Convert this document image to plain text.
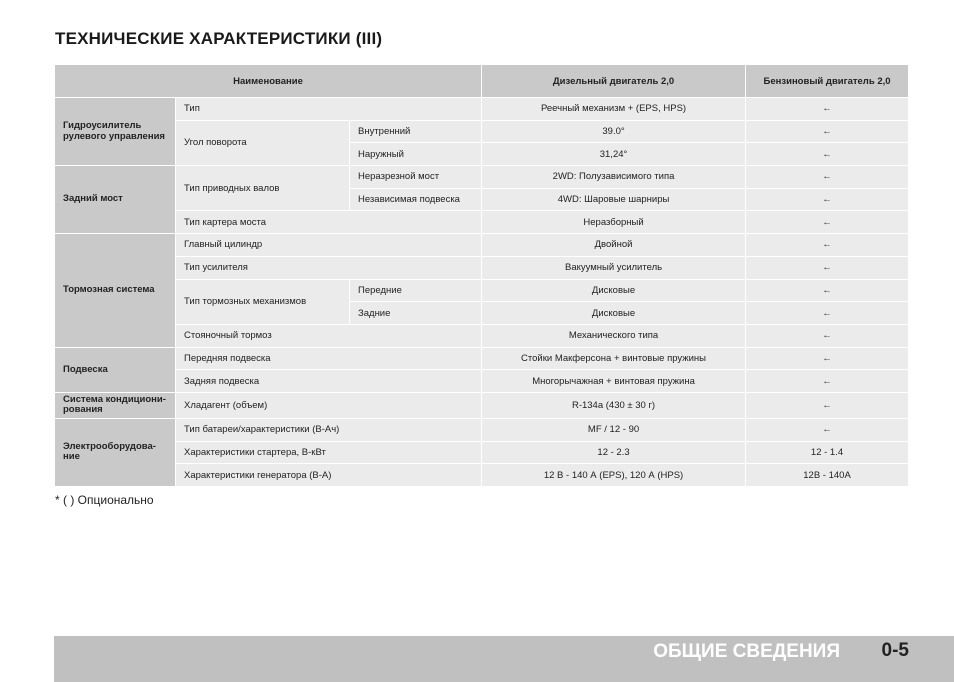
ТЕХНИЧЕСКИЕ ХАРАКТЕРИСТИКИ (III)
Наименование			Дизельный двигатель 2,0	Бензиновый двигатель 2,0
Гидроусилитель рулевого управления	Тип		Реечный механизм + (EPS, HPS)	←
	Угол поворота	Внутренний	39.0°	←
		Наружный	31,24°	←
Задний мост	Тип приводных валов	Неразрезной мост	2WD: Полузависимого типа	←
		Независимая подвеска	4WD: Шаровые шарниры	←
	Тип картера моста		Неразборный	←
Тормозная система	Главный цилиндр		Двойной	←
	Тип усилителя		Вакуумный усилитель	←
	Тип тормозных механизмов	Передние	Дисковые	←
		Задние	Дисковые	←
	Стояночный тормоз		Механического типа	←
Подвеска	Передняя подвеска		Стойки Макферсона + винтовые пружины	←
	Задняя подвеска		Многорычажная + винтовая пружина	←
Система кондициони-рования	Хладагент (объем)		R-134a (430 ± 30 г)	←
Электрооборудова-ние	Тип батареи/характеристики (В-Ач)		MF / 12 - 90	←
	Характеристики стартера, В-кВт		12 - 2.3	12 - 1.4
	Характеристики генератора (В-А)		12 В - 140 А (EPS), 120 А (HPS)	12В - 140А
* ( ) Опционально
ОБЩИЕ СВЕДЕНИЯ 0-5
